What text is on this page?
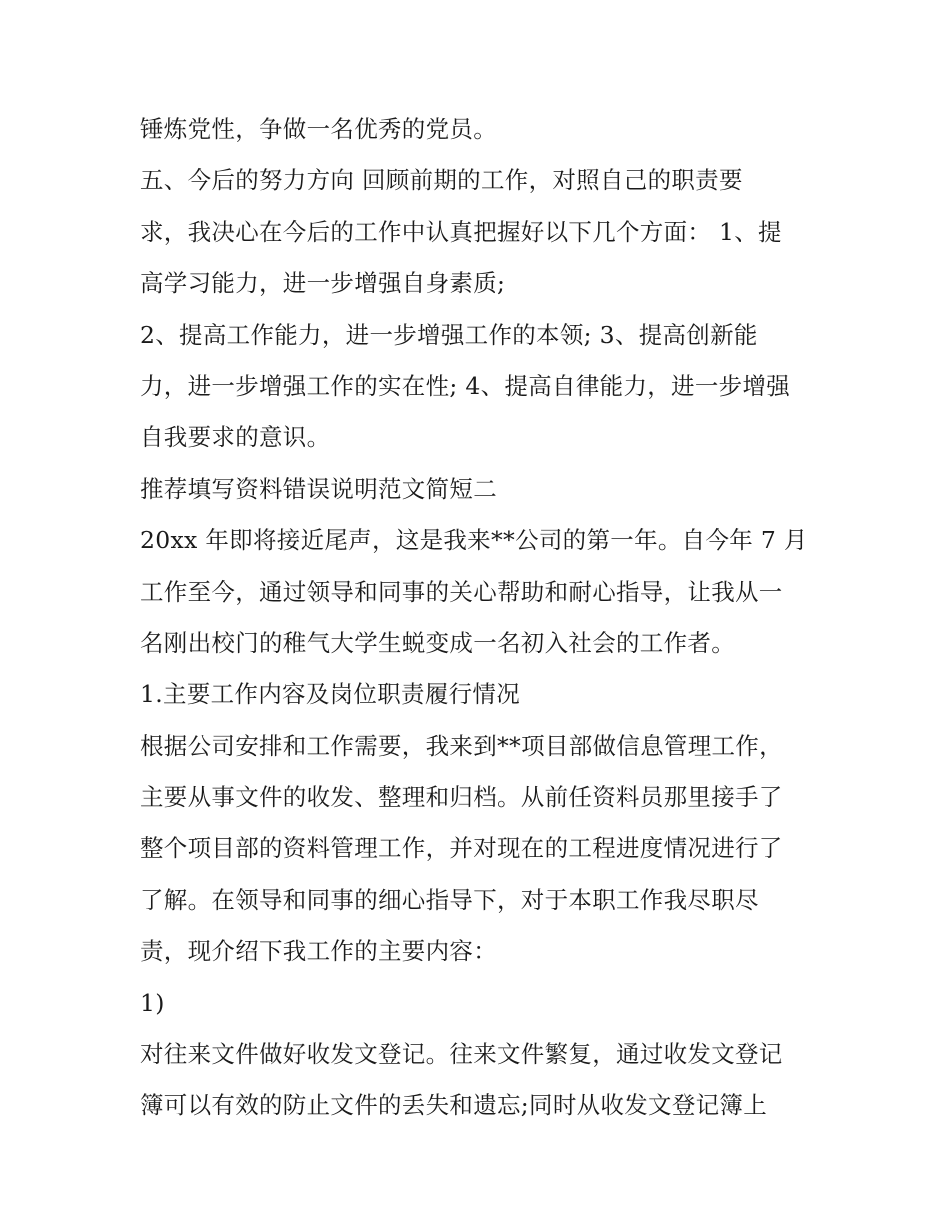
锤炼党性，争做一名优秀的党员。
五、今后的努力方向 回顾前期的工作，对照自己的职责要
求，我决心在今后的工作中认真把握好以下几个方面： 1、提
高学习能力，进一步增强自身素质;
2、提高工作能力，进一步增强工作的本领; 3、提高创新能
力，进一步增强工作的实在性; 4、提高自律能力，进一步增强
自我要求的意识。
推荐填写资料错误说明范文简短二
20xx 年即将接近尾声，这是我来**公司的第一年。自今年 7 月
工作至今，通过领导和同事的关心帮助和耐心指导，让我从一
名刚出校门的稚气大学生蜕变成一名初入社会的工作者。
1.主要工作内容及岗位职责履行情况
根据公司安排和工作需要，我来到**项目部做信息管理工作，
主要从事文件的收发、整理和归档。从前任资料员那里接手了
整个项目部的资料管理工作，并对现在的工程进度情况进行了
了解。在领导和同事的细心指导下，对于本职工作我尽职尽
责，现介绍下我工作的主要内容：
1)
对往来文件做好收发文登记。往来文件繁复，通过收发文登记
簿可以有效的防止文件的丢失和遗忘;同时从收发文登记簿上
